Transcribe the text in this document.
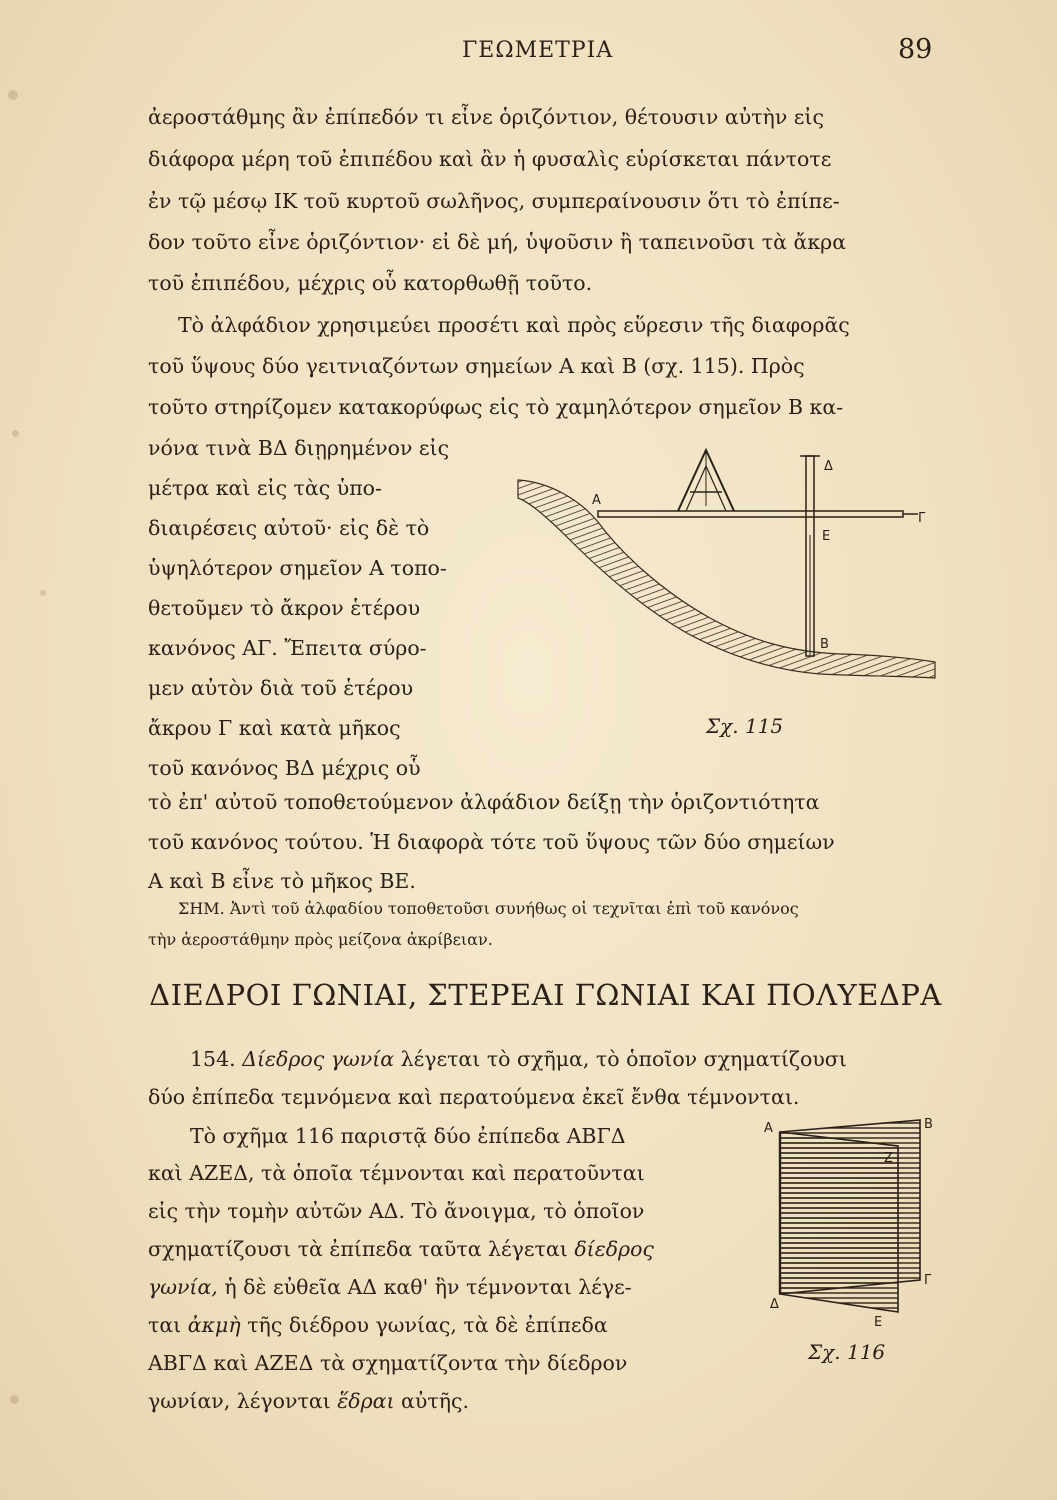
ΓΕΩΜΕΤΡΙΑ	89
ἀεροστάθμης ἂν ἐπίπεδόν τι εἶνε ὁριζόντιον, θέτουσιν αὐτὴν εἰς
διάφορα μέρη τοῦ ἐπιπέδου καὶ ἂν ἡ φυσαλὶς εὑρίσκεται πάντοτε
ἐν τῷ μέσῳ ΙΚ τοῦ κυρτοῦ σωλῆνος, συμπεραίνουσιν ὅτι τὸ ἐπίπε-
δον τοῦτο εἶνε ὁριζόντιον· εἰ δὲ μή, ὑψοῦσιν ἢ ταπεινοῦσι τὰ ἄκρα
τοῦ ἐπιπέδου, μέχρις οὗ κατορθωθῇ τοῦτο.
Τὸ ἀλφάδιον χρησιμεύει προσέτι καὶ πρὸς εὕρεσιν τῆς διαφορᾶς
τοῦ ὕψους δύο γειτνιαζόντων σημείων Α καὶ Β (σχ. 115). Πρὸς
τοῦτο στηρίζομεν κατακορύφως εἰς τὸ χαμηλότερον σημεῖον Β κα-
νόνα τινὰ ΒΔ διῃρημένον εἰς
μέτρα καὶ εἰς τὰς ὑπο-
διαιρέσεις αὐτοῦ· εἰς δὲ τὸ
ὑψηλότερον σημεῖον Α τοπο-
θετοῦμεν τὸ ἄκρον ἑτέρου
κανόνος ΑΓ. Ἔπειτα σύρο-
μεν αὐτὸν διὰ τοῦ ἑτέρου
ἄκρου Γ καὶ κατὰ μῆκος
τοῦ κανόνος ΒΔ μέχρις οὗ
τὸ ἐπ' αὐτοῦ τοποθετούμενον ἀλφάδιον δείξῃ τὴν ὁριζοντιότητα
τοῦ κανόνος τούτου. Ἡ διαφορὰ τότε τοῦ ὕψους τῶν δύο σημείων
Α καὶ Β εἶνε τὸ μῆκος ΒΕ.
Α
Δ
Γ
Ε
Β
Σχ. 115
ΣΗΜ. Ἀντὶ τοῦ ἀλφαδίου τοποθετοῦσι συνήθως οἱ τεχνῖται ἐπὶ τοῦ κανόνος
τὴν ἀεροστάθμην πρὸς μείζονα ἀκρίβειαν.
ΔΙΕΔΡΟΙ ΓΩΝΙΑΙ, ΣΤΕΡΕΑΙ ΓΩΝΙΑΙ ΚΑΙ ΠΟΛΥΕΔΡΑ
154. Δίεδρος γωνία λέγεται τὸ σχῆμα, τὸ ὁποῖον σχηματίζουσι
δύο ἐπίπεδα τεμνόμενα καὶ περατούμενα ἐκεῖ ἔνθα τέμνονται.
Τὸ σχῆμα 116 παριστᾷ δύο ἐπίπεδα ΑΒΓΔ
καὶ ΑΖΕΔ, τὰ ὁποῖα τέμνονται καὶ περατοῦνται
εἰς τὴν τομὴν αὐτῶν ΑΔ. Τὸ ἄνοιγμα, τὸ ὁποῖον
σχηματίζουσι τὰ ἐπίπεδα ταῦτα λέγεται δίεδρος
γωνία, ἡ δὲ εὐθεῖα ΑΔ καθ' ἣν τέμνονται λέγε-
ται ἀκμὴ τῆς διέδρου γωνίας, τὰ δὲ ἐπίπεδα
ΑΒΓΔ καὶ ΑΖΕΔ τὰ σχηματίζοντα τὴν δίεδρον
γωνίαν, λέγονται ἕδραι αὐτῆς.
Α	Β
Ζ
Γ
Δ
Ε
Σχ. 116
